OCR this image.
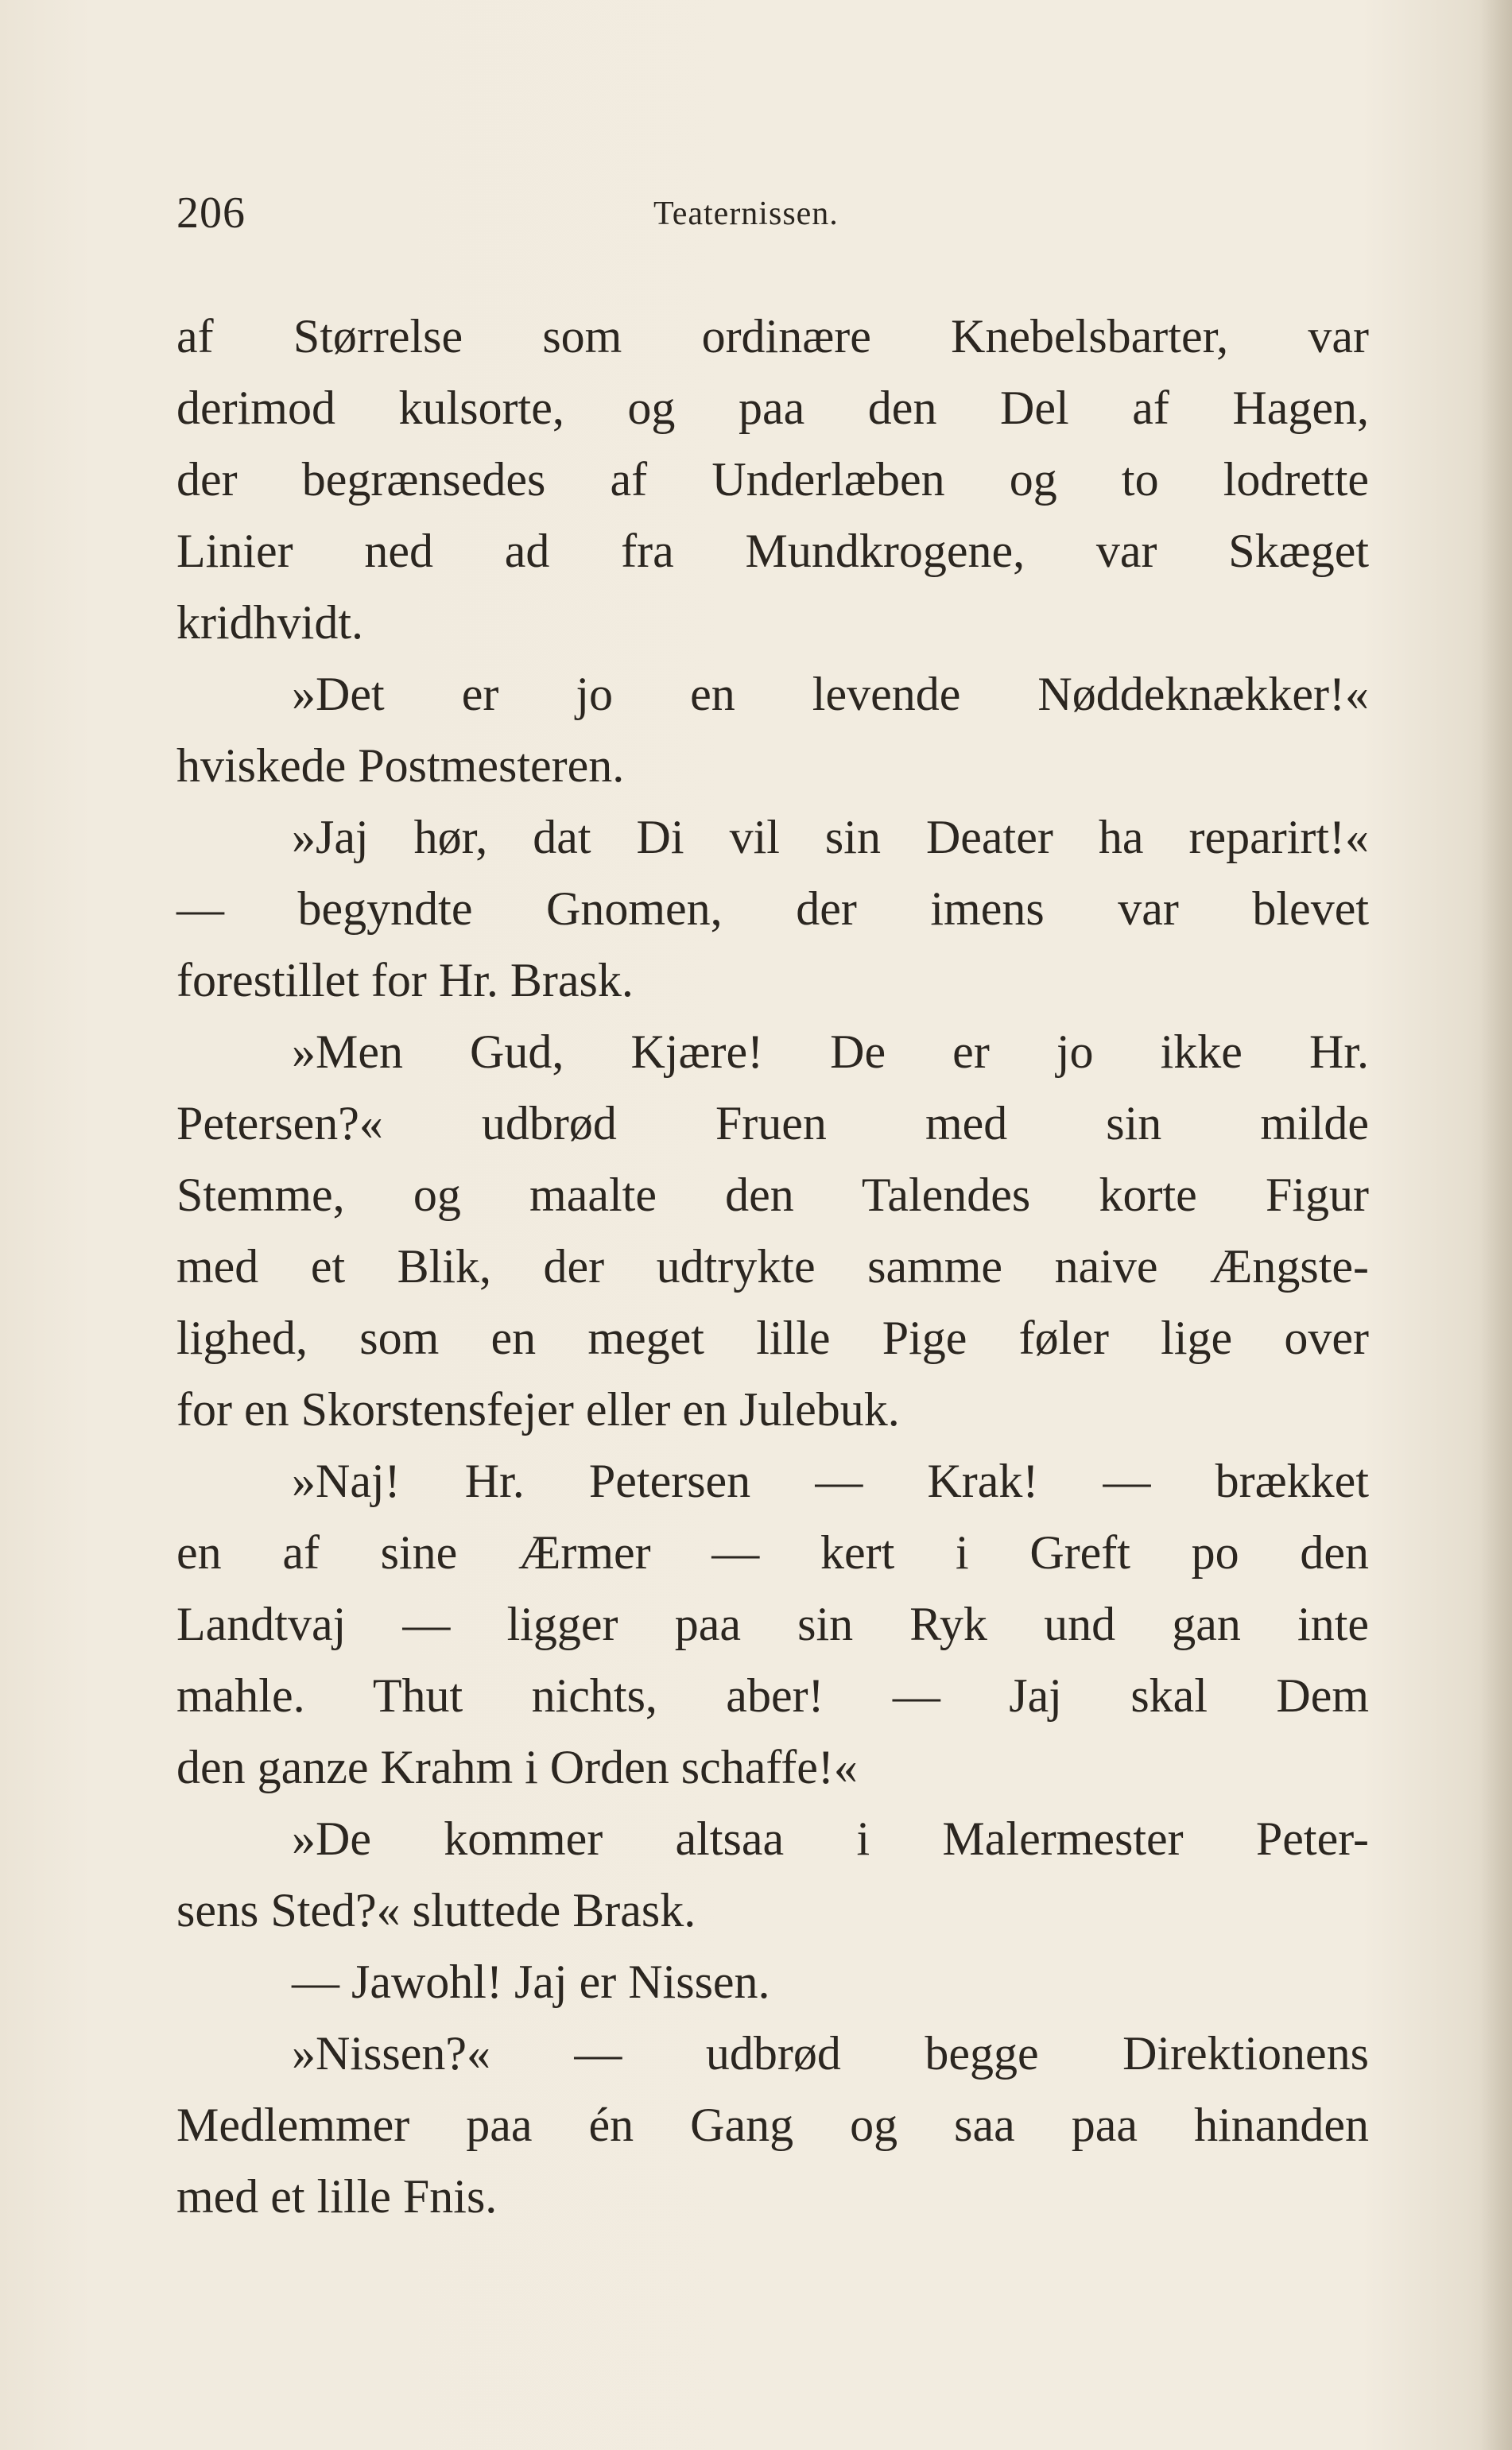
206	Teaternissen.
af Størrelse som ordinære Knebelsbarter, var
derimod kulsorte, og paa den Del af Hagen,
der begrænsedes af Underlæben og to lodrette
Linier ned ad fra Mundkrogene, var Skæget
kridhvidt.
»Det er jo en levende Nøddeknækker!«
hviskede Postmesteren.
»Jaj hør, dat Di vil sin Deater ha reparirt!«
— begyndte Gnomen, der imens var blevet
forestillet for Hr. Brask.
»Men Gud, Kjære! De er jo ikke Hr.
Petersen?« udbrød Fruen med sin milde
Stemme, og maalte den Talendes korte Figur
med et Blik, der udtrykte samme naive Ængste-
lighed, som en meget lille Pige føler lige over
for en Skorstensfejer eller en Julebuk.
»Naj! Hr. Petersen — Krak! — brækket
en af sine Ærmer — kert i Greft po den
Landtvaj — ligger paa sin Ryk und gan inte
mahle. Thut nichts, aber! — Jaj skal Dem
den ganze Krahm i Orden schaffe!«
»De kommer altsaa i Malermester Peter-
sens Sted?« sluttede Brask.
— Jawohl! Jaj er Nissen.
»Nissen?« — udbrød begge Direktionens
Medlemmer paa én Gang og saa paa hinanden
med et lille Fnis.
